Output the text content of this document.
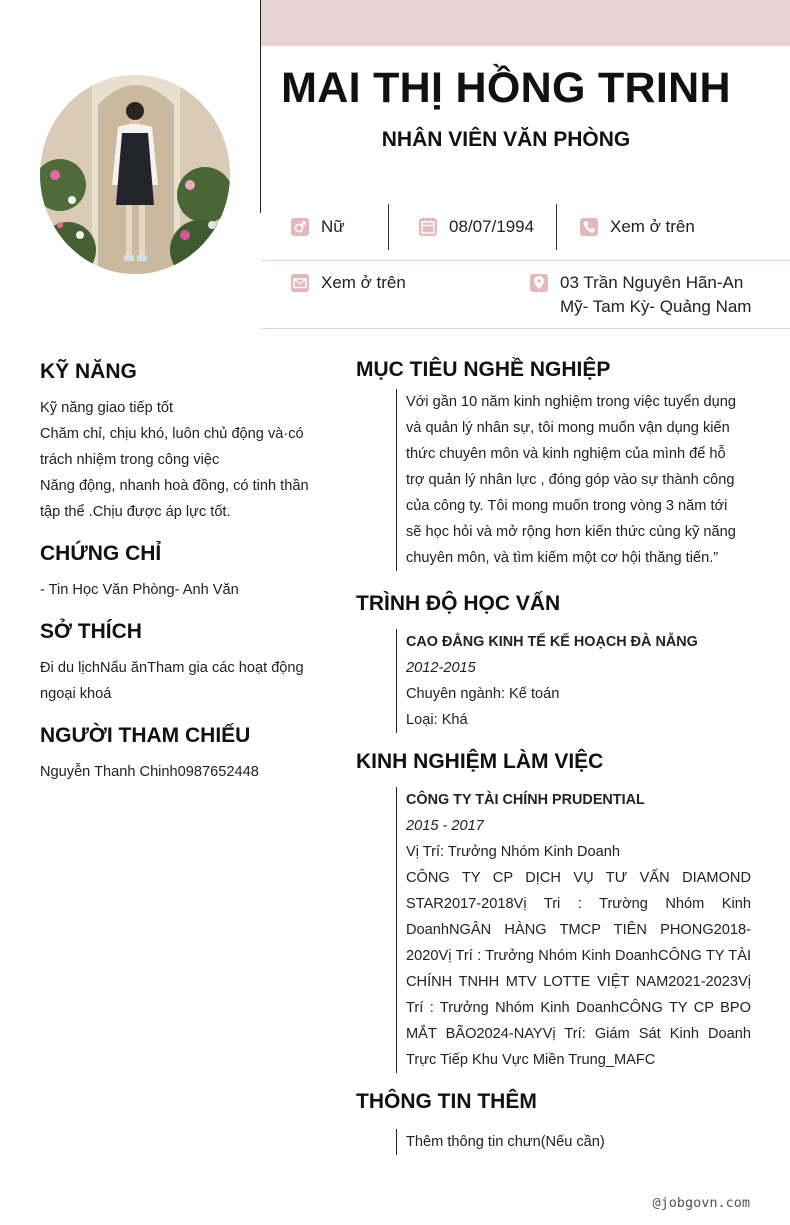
MAI THỊ HỒNG TRINH
NHÂN VIÊN VĂN PHÒNG
Nữ	08/07/1994	Xem ở trên
Xem ở trên	03 Trần Nguyên Hãn-An
Mỹ- Tam Kỳ- Quảng Nam
KỸ NĂNG
Kỹ năng giao tiếp tốt
Chăm chỉ, chịu khó, luôn chủ động và·có
trách nhiệm trong công việc
Năng động, nhanh hoà đồng, có tinh thần
tập thể .Chịu được áp lực tốt.
CHỨNG CHỈ
- Tin Học Văn Phòng- Anh Văn
SỞ THÍCH
Đi du lịchNấu ănTham gia các hoạt động
ngoại khoá
NGƯỜI THAM CHIẾU
Nguyễn Thanh Chinh0987652448
MỤC TIÊU NGHỀ NGHIỆP
Với gần 10 năm kinh nghiệm trong việc tuyển dụng
và quản lý nhân sự, tôi mong muốn vận dụng kiến
thức chuyên môn và kinh nghiệm của mình để hỗ
trợ quản lý nhân lực , đóng góp vào sự thành công
của công ty. Tôi mong muốn trong vòng 3 năm tới
sẽ học hỏi và mở rộng hơn kiến thức cùng kỹ năng
chuyên môn, và tìm kiếm một cơ hội thăng tiến.”
TRÌNH ĐỘ HỌC VẤN
CAO ĐẲNG KINH TẾ KẾ HOẠCH ĐÀ NẴNG
2012-2015
Chuyên ngành: Kế toán
Loại: Khá
KINH NGHIỆM LÀM VIỆC
CÔNG TY TÀI CHÍNH PRUDENTIAL
2015 - 2017
Vị Trí: Trưởng Nhóm Kinh Doanh
CÔNG TY CP DỊCH VỤ TƯ VẤN DIAMOND
STAR2017-2018Vị Tri : Trường Nhóm Kinh
DoanhNGÂN HÀNG TMCP TIÊN PHONG2018-
2020Vị Trí : Trưởng Nhóm Kinh DoanhCÔNG TY TÀI
CHÍNH TNHH MTV LOTTE VIỆT NAM2021-2023Vị
Trí : Trưởng Nhóm Kinh DoanhCÔNG TY CP BPO
MẮT BÃO2024-NAYVị Trí: Giám Sát Kinh Doanh
Trực Tiếp Khu Vực Miền Trung_MAFC
THÔNG TIN THÊM
Thêm thông tin chưn(Nếu cần)
@jobgovn.com
